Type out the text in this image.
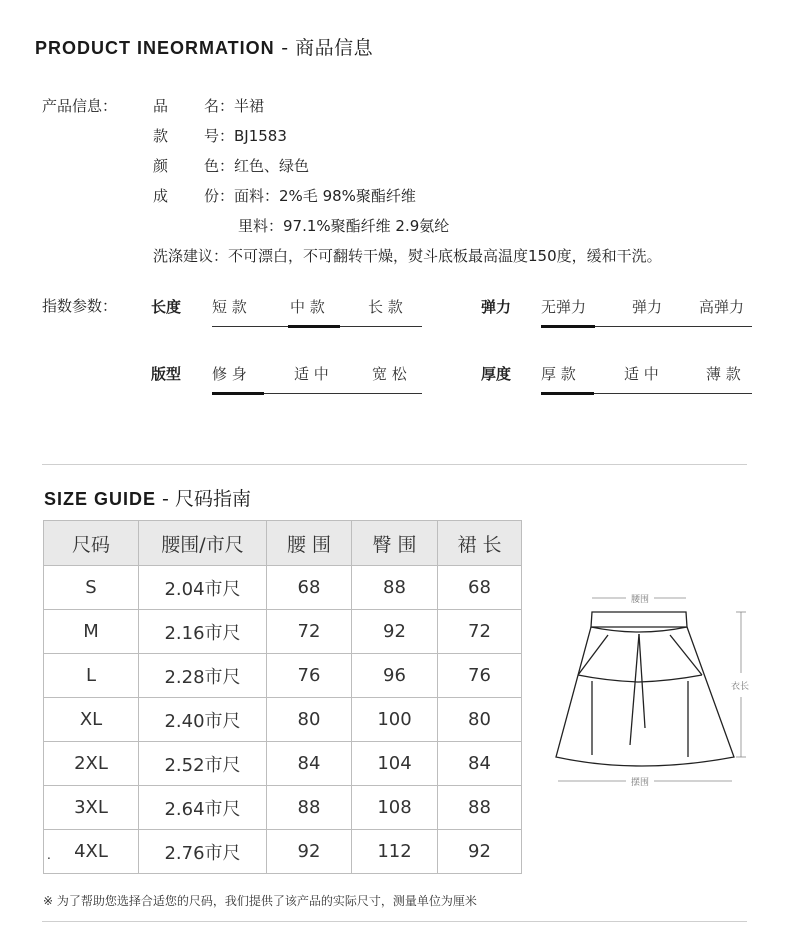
PRODUCT INEORMATION - 商品信息
产品信息： 品 名 ：半裙
款 号 ：BJ1583
颜 色 ：红色、绿色
成 份 ：面料：2%毛 98%聚酯纤维
里料：97.1%聚酯纤维 2.9氨纶
洗涤建议：不可漂白，不可翻转干燥，熨斗底板最高温度150度，缓和干洗。
指数参数： 长度 短 款	中 款	长 款	弹力 无弹力	弹力 高弹力
版型 修 身	适 中	宽 松	厚度 厚 款	适 中	薄 款
SIZE GUIDE - 尺码指南
尺码	腰围/市尺	腰 围	臀 围	裙 长
S	2.04市尺	68	88	68
M	2.16市尺	72	92	72
L	2.28市尺	76	96	76
XL	2.40市尺	80	100	80
2XL	2.52市尺	84	104	84
3XL	2.64市尺	88	108	88
4XL	2.76市尺	92	112	92
.
腰围
衣长
摆围
※ 为了帮助您选择合适您的尺码，我们提供了该产品的实际尺寸，测量单位为厘米
